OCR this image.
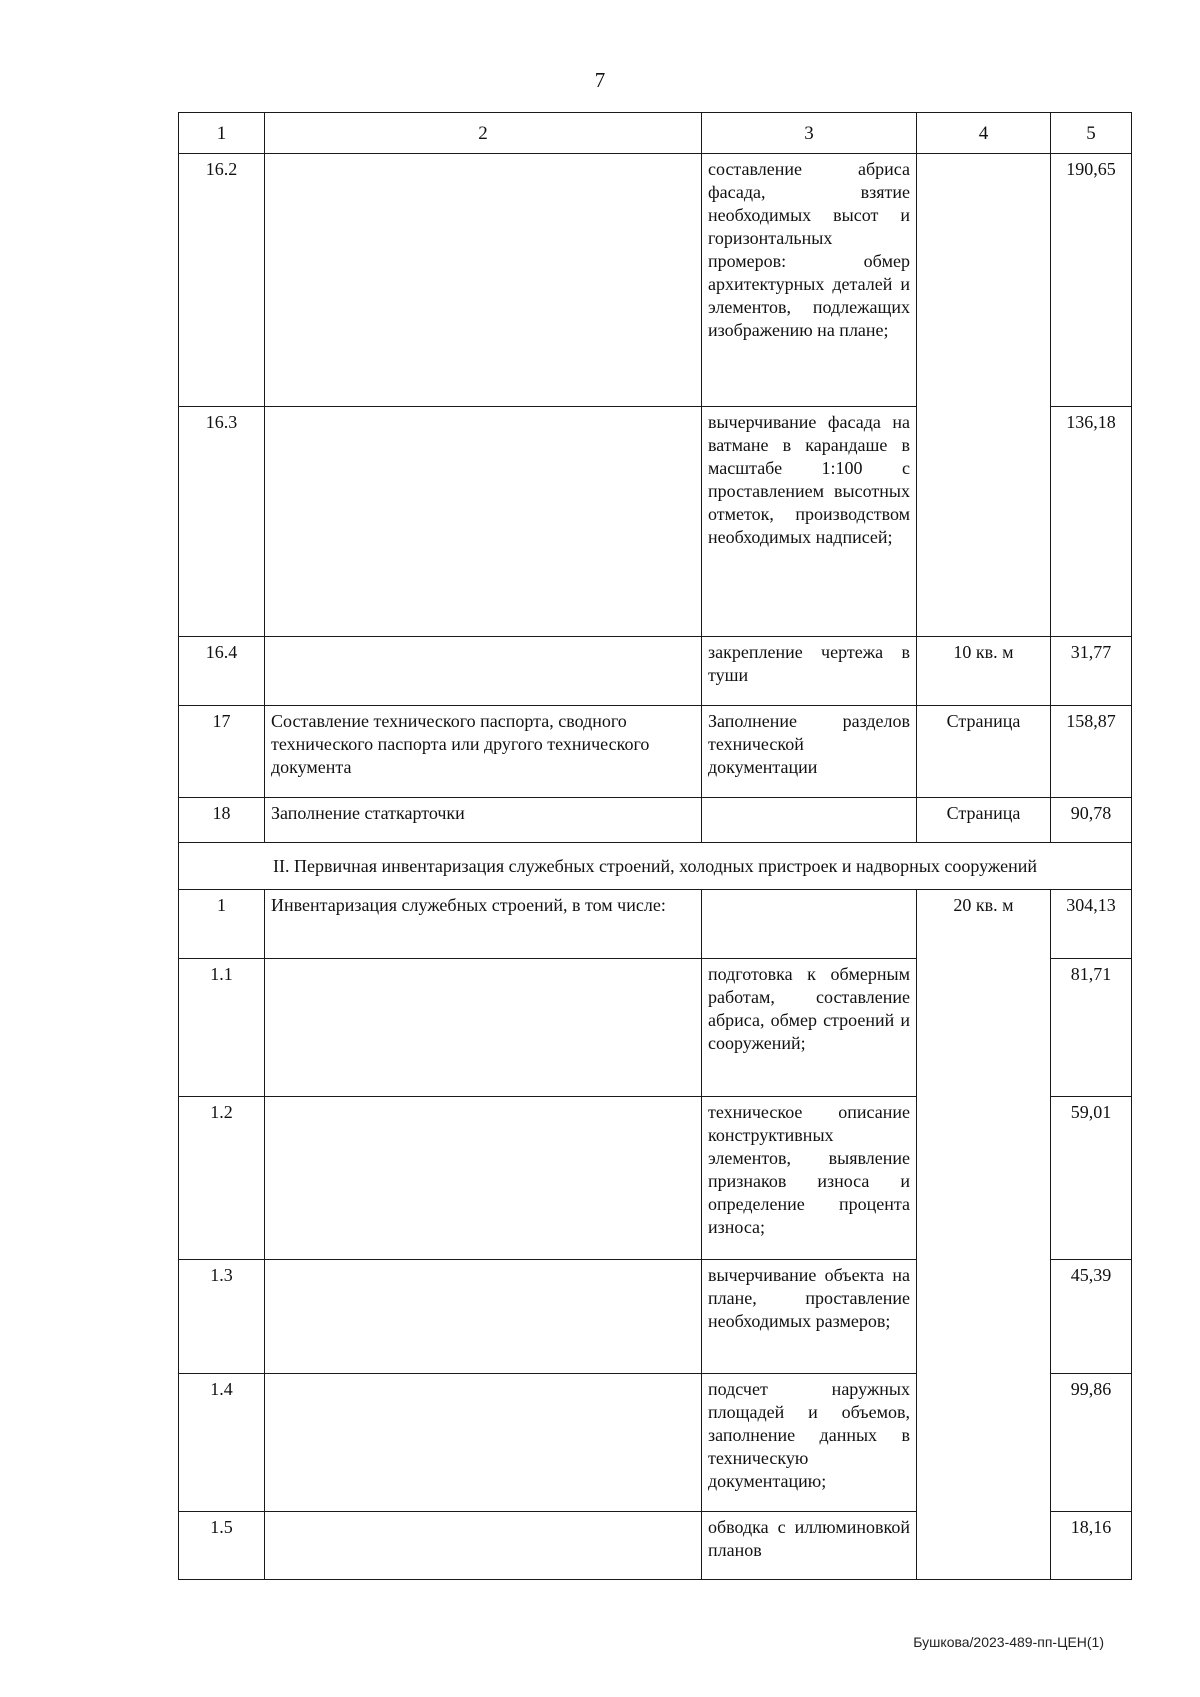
7
1	2	3	4	5
16.2		составление абриса фасада, взятие необходимых высот и горизонтальных промеров: обмер архитектурных деталей и элементов, подлежащих изображению на плане;		190,65
16.3		вычерчивание фасада на ватмане в карандаше в масштабе 1:100 с проставлением высотных отметок, производством необходимых надписей;		136,18
16.4		закрепление чертежа в туши	10 кв. м	31,77
17	Составление технического паспорта, сводного технического паспорта или другого технического документа	Заполнение разделов технической документации	Страница	158,87
18	Заполнение статкарточки		Страница	90,78
II. Первичная инвентаризация служебных строений, холодных пристроек и надворных сооружений				
1	Инвентаризация служебных строений, в том числе:		20 кв. м	304,13
1.1		подготовка к обмерным работам, составление абриса, обмер строений и сооружений;		81,71
1.2		техническое описание конструктивных элементов, выявление признаков износа и определение процента износа;		59,01
1.3		вычерчивание объекта на плане, проставление необходимых размеров;		45,39
1.4		подсчет наружных площадей и объемов, заполнение данных в техническую документацию;		99,86
1.5		обводка с иллюминовкой планов		18,16
Бушкова/2023-489-пп-ЦЕН(1)
